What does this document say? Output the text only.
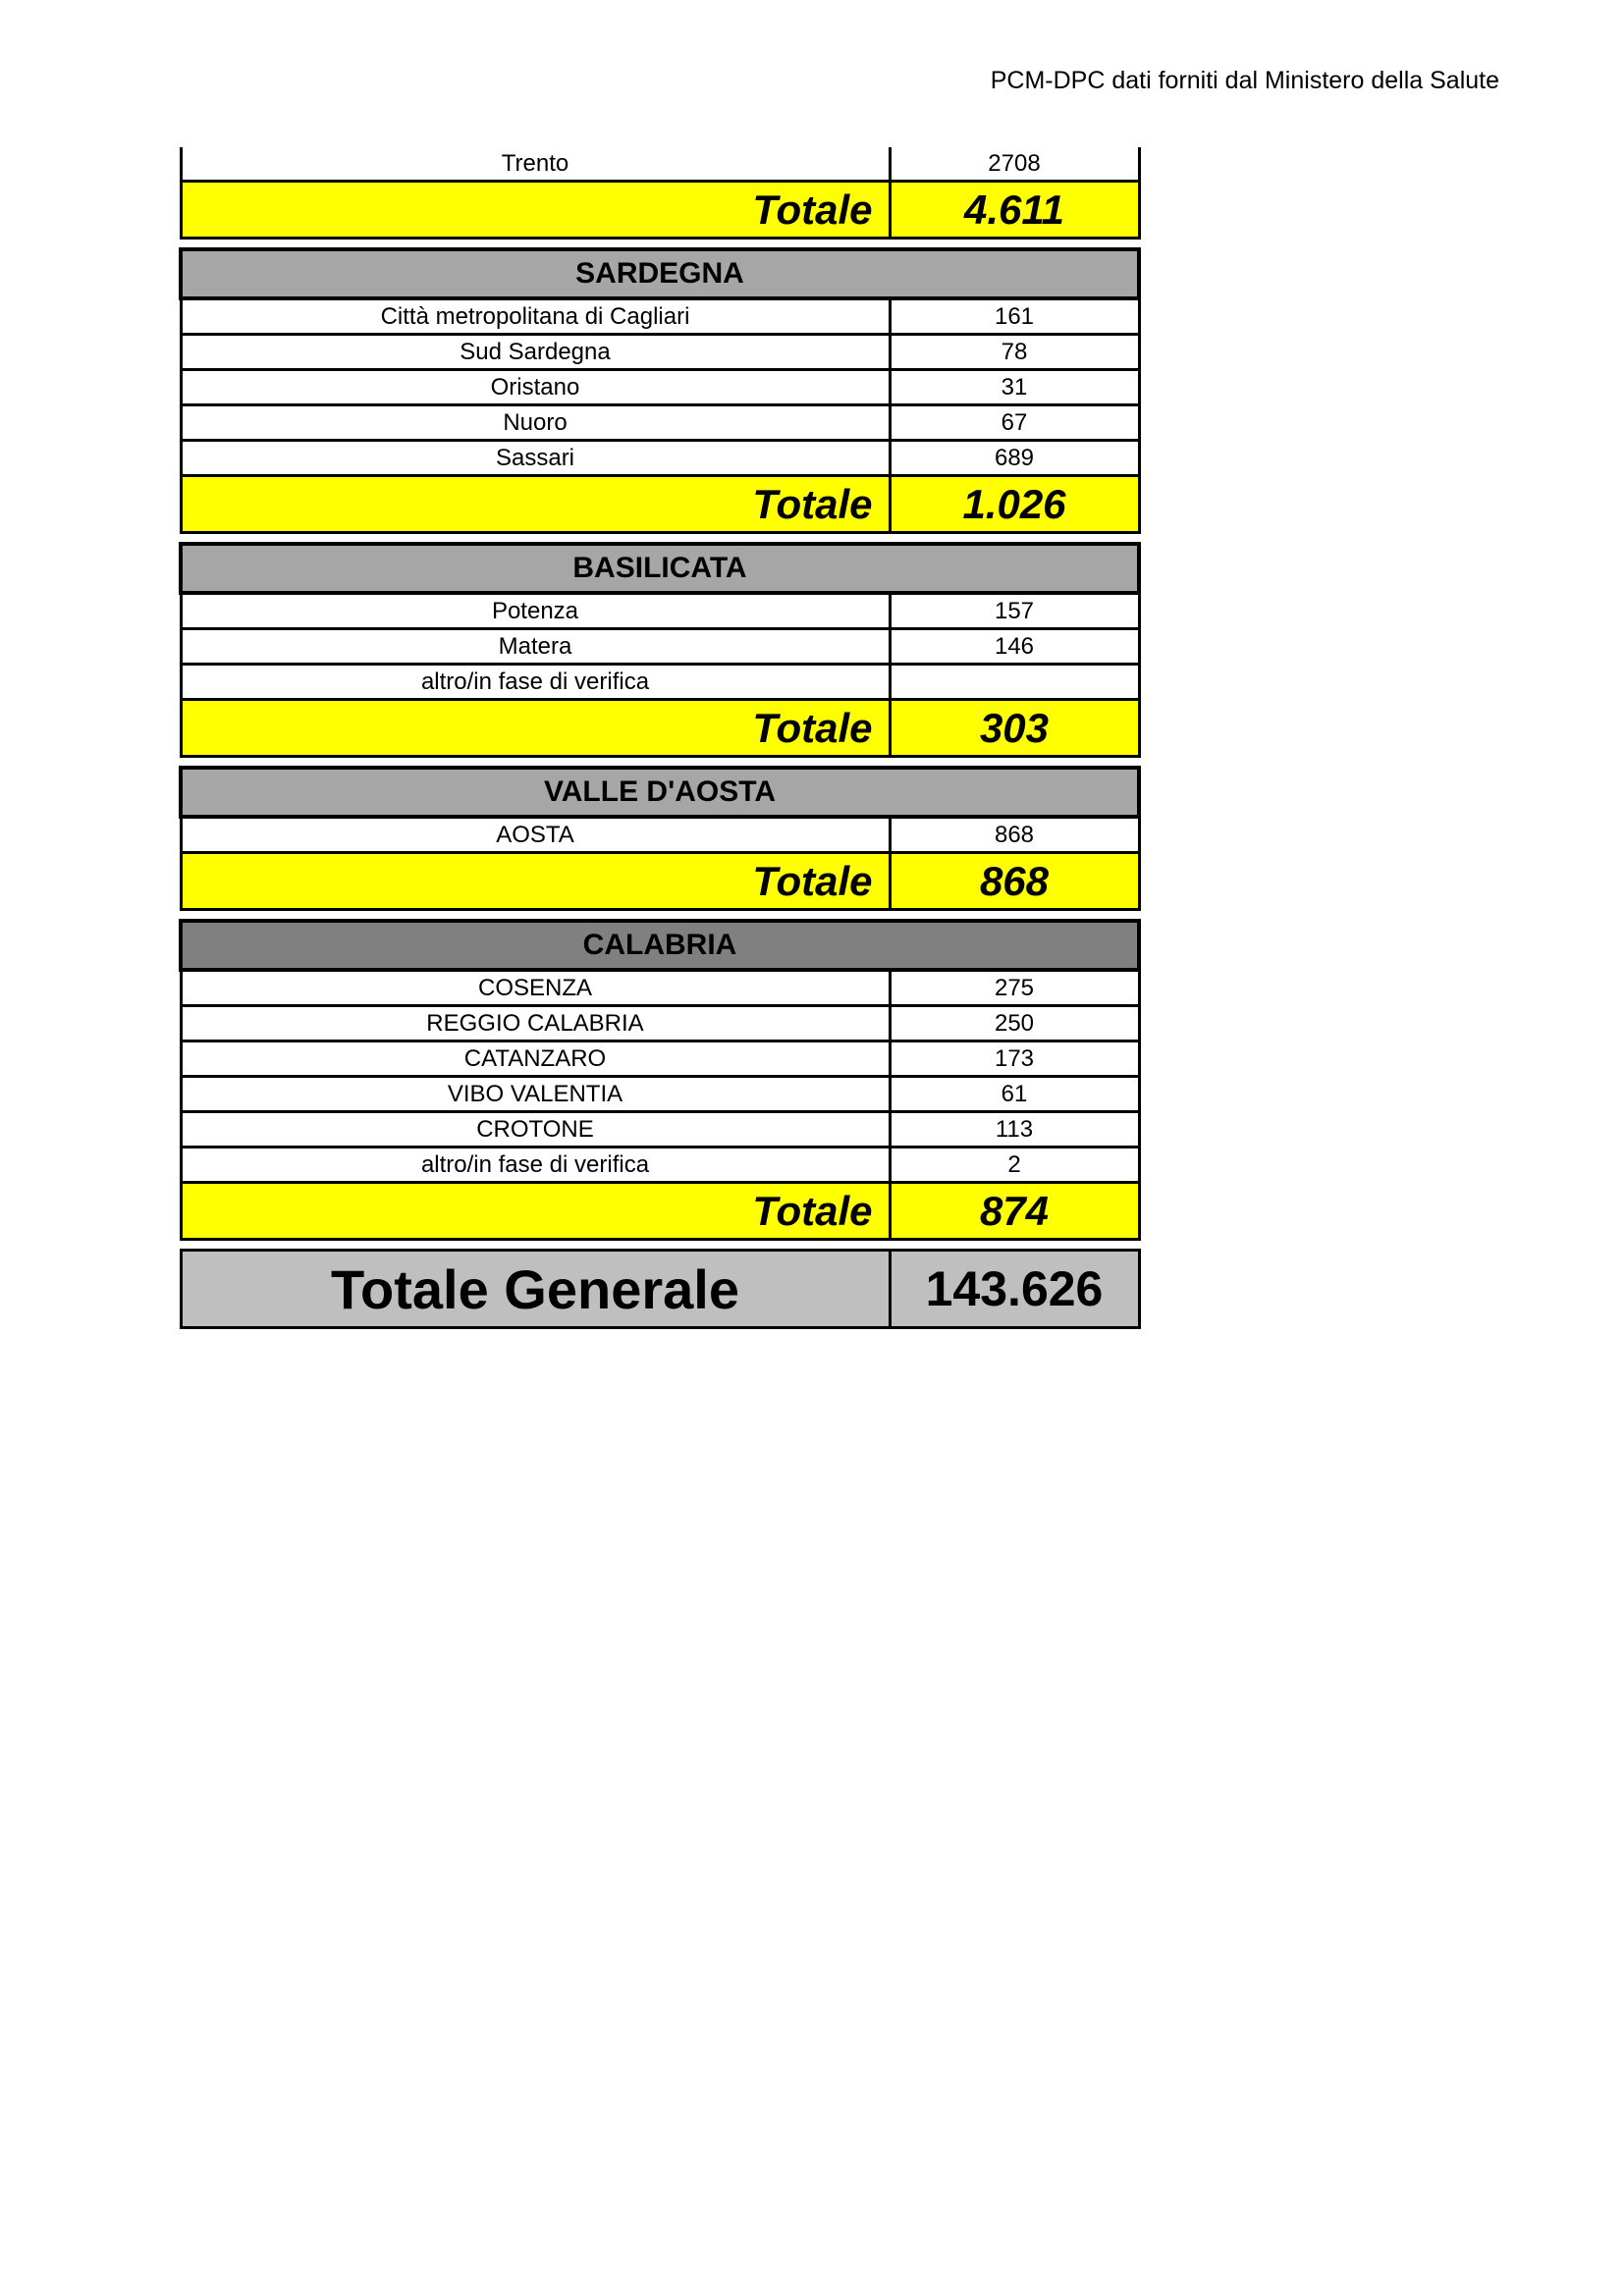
PCM-DPC dati forniti dal Ministero della Salute
Trento	2708
Totale	4.611

SARDEGNA	
Città metropolitana di Cagliari	161
Sud Sardegna	78
Oristano	31
Nuoro	67
Sassari	689
Totale	1.026

BASILICATA	
Potenza	157
Matera	146
altro/in fase di verifica	
Totale	303

VALLE D'AOSTA	
AOSTA	868
Totale	868

CALABRIA	
COSENZA	275
REGGIO CALABRIA	250
CATANZARO	173
VIBO VALENTIA	61
CROTONE	113
altro/in fase di verifica	2
Totale	874

Totale Generale	143.626
